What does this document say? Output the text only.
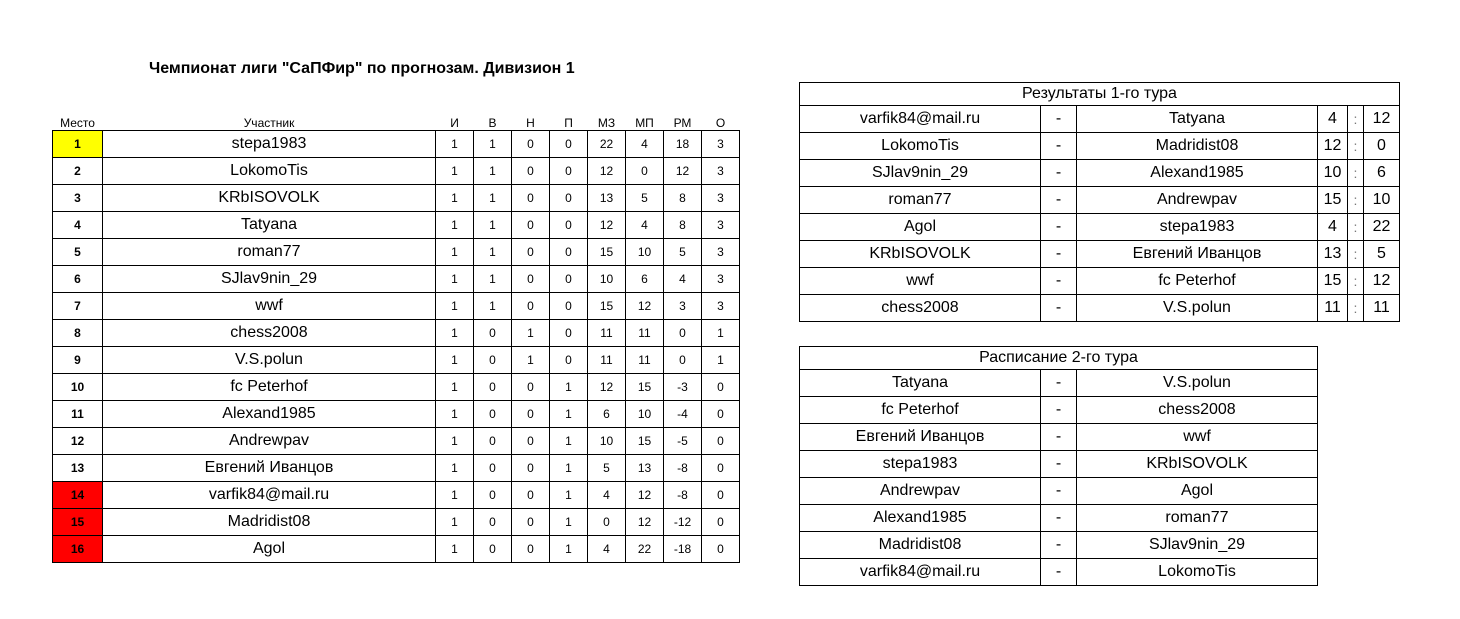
Чемпионат лиги "СаПФир" по прогнозам. Дивизион 1
Место	Участник	И	В	Н	П	МЗ	МП	РМ	О
1	stepa1983	1	1	0	0	22	4	18	3
2	LokomoTis	1	1	0	0	12	0	12	3
3	KRbISOVOLK	1	1	0	0	13	5	8	3
4	Tatyana	1	1	0	0	12	4	8	3
5	roman77	1	1	0	0	15	10	5	3
6	SJlav9nin_29	1	1	0	0	10	6	4	3
7	wwf	1	1	0	0	15	12	3	3
8	chess2008	1	0	1	0	11	11	0	1
9	V.S.polun	1	0	1	0	11	11	0	1
10	fc Peterhof	1	0	0	1	12	15	-3	0
11	Alexand1985	1	0	0	1	6	10	-4	0
12	Andrewpav	1	0	0	1	10	15	-5	0
13	Евгений Иванцов	1	0	0	1	5	13	-8	0
14	varfik84@mail.ru	1	0	0	1	4	12	-8	0
15	Madridist08	1	0	0	1	0	12	-12	0
16	Agol	1	0	0	1	4	22	-18	0
Результаты 1-го тура					
varfik84@mail.ru	-	Tatyana	4	:	12
LokomoTis	-	Madridist08	12	:	0
SJlav9nin_29	-	Alexand1985	10	:	6
roman77	-	Andrewpav	15	:	10
Agol	-	stepa1983	4	:	22
KRbISOVOLK	-	Евгений Иванцов	13	:	5
wwf	-	fc Peterhof	15	:	12
chess2008	-	V.S.polun	11	:	11
Расписание 2-го тура		
Tatyana	-	V.S.polun
fc Peterhof	-	chess2008
Евгений Иванцов	-	wwf
stepa1983	-	KRbISOVOLK
Andrewpav	-	Agol
Alexand1985	-	roman77
Madridist08	-	SJlav9nin_29
varfik84@mail.ru	-	LokomoTis
